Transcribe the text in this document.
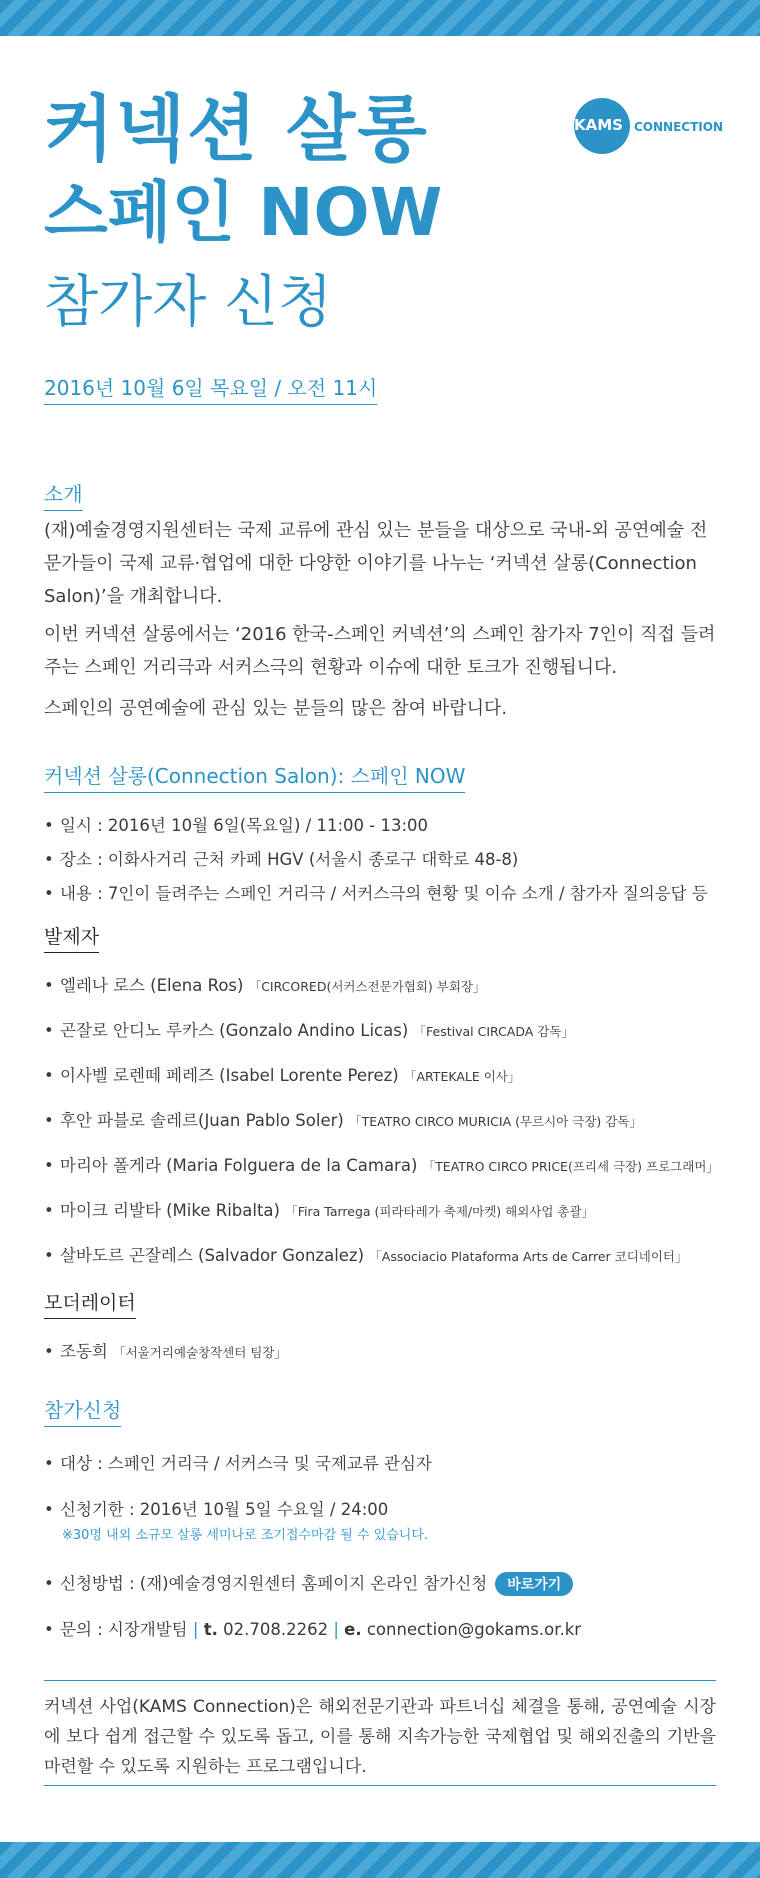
커넥션 살롱
스페인 NOW
참가자 신청
2016년 10월 6일 목요일 / 오전 11시
KAMS CONNECTION
소개
(재)예술경영지원센터는 국제 교류에 관심 있는 분들을 대상으로 국내-외 공연예술 전문가들이 국제 교류·협업에 대한 다양한 이야기를 나누는 ‘커넥션 살롱(Connection Salon)’을 개최합니다.
이번 커넥션 살롱에서는 ‘2016 한국-스페인 커넥션’의 스페인 참가자 7인이 직접 들려주는 스페인 거리극과 서커스극의 현황과 이슈에 대한 토크가 진행됩니다.
스페인의 공연예술에 관심 있는 분들의 많은 참여 바랍니다.
커넥션 살롱(Connection Salon): 스페인 NOW
• 일시 : 2016년 10월 6일(목요일) / 11:00 - 13:00
• 장소 : 이화사거리 근처 카페 HGV (서울시 종로구 대학로 48-8)
• 내용 : 7인이 들려주는 스페인 거리극 / 서커스극의 현황 및 이슈 소개 / 참가자 질의응답 등
발제자
• 엘레나 로스 (Elena Ros) 「CIRCORED(서커스전문가협회) 부회장」
• 곤잘로 안디노 루카스 (Gonzalo Andino Licas) 「Festival CIRCADA 감독」
• 이사벨 로렌떼 페레즈 (Isabel Lorente Perez) 「ARTEKALE 이사」
• 후안 파블로 솔레르(Juan Pablo Soler) 「TEATRO CIRCO MURICIA (무르시아 극장) 감독」
• 마리아 폴게라 (Maria Folguera de la Camara) 「TEATRO CIRCO PRICE(프리세 극장) 프로그래머」
• 마이크 리발타 (Mike Ribalta) 「Fira Tarrega (피라타레가 축제/마켓) 해외사업 총괄」
• 살바도르 곤잘레스 (Salvador Gonzalez) 「Associacio Plataforma Arts de Carrer 코디네이터」
모더레이터
• 조동희 「서울거리예술창작센터 팀장」
참가신청
• 대상 : 스페인 거리극 / 서커스극 및 국제교류 관심자
• 신청기한 : 2016년 10월 5일 수요일 / 24:00
※30명 내외 소규모 살롱 세미나로 조기접수마감 될 수 있습니다.
• 신청방법 : (재)예술경영지원센터 홈페이지 온라인 참가신청 바로가기
• 문의 : 시장개발팀 | t. 02.708.2262 | e. connection@gokams.or.kr
커넥션 사업(KAMS Connection)은 해외전문기관과 파트너십 체결을 통해, 공연예술 시장에 보다 쉽게 접근할 수 있도록 돕고, 이를 통해 지속가능한 국제협업 및 해외진출의 기반을 마련할 수 있도록 지원하는 프로그램입니다.
